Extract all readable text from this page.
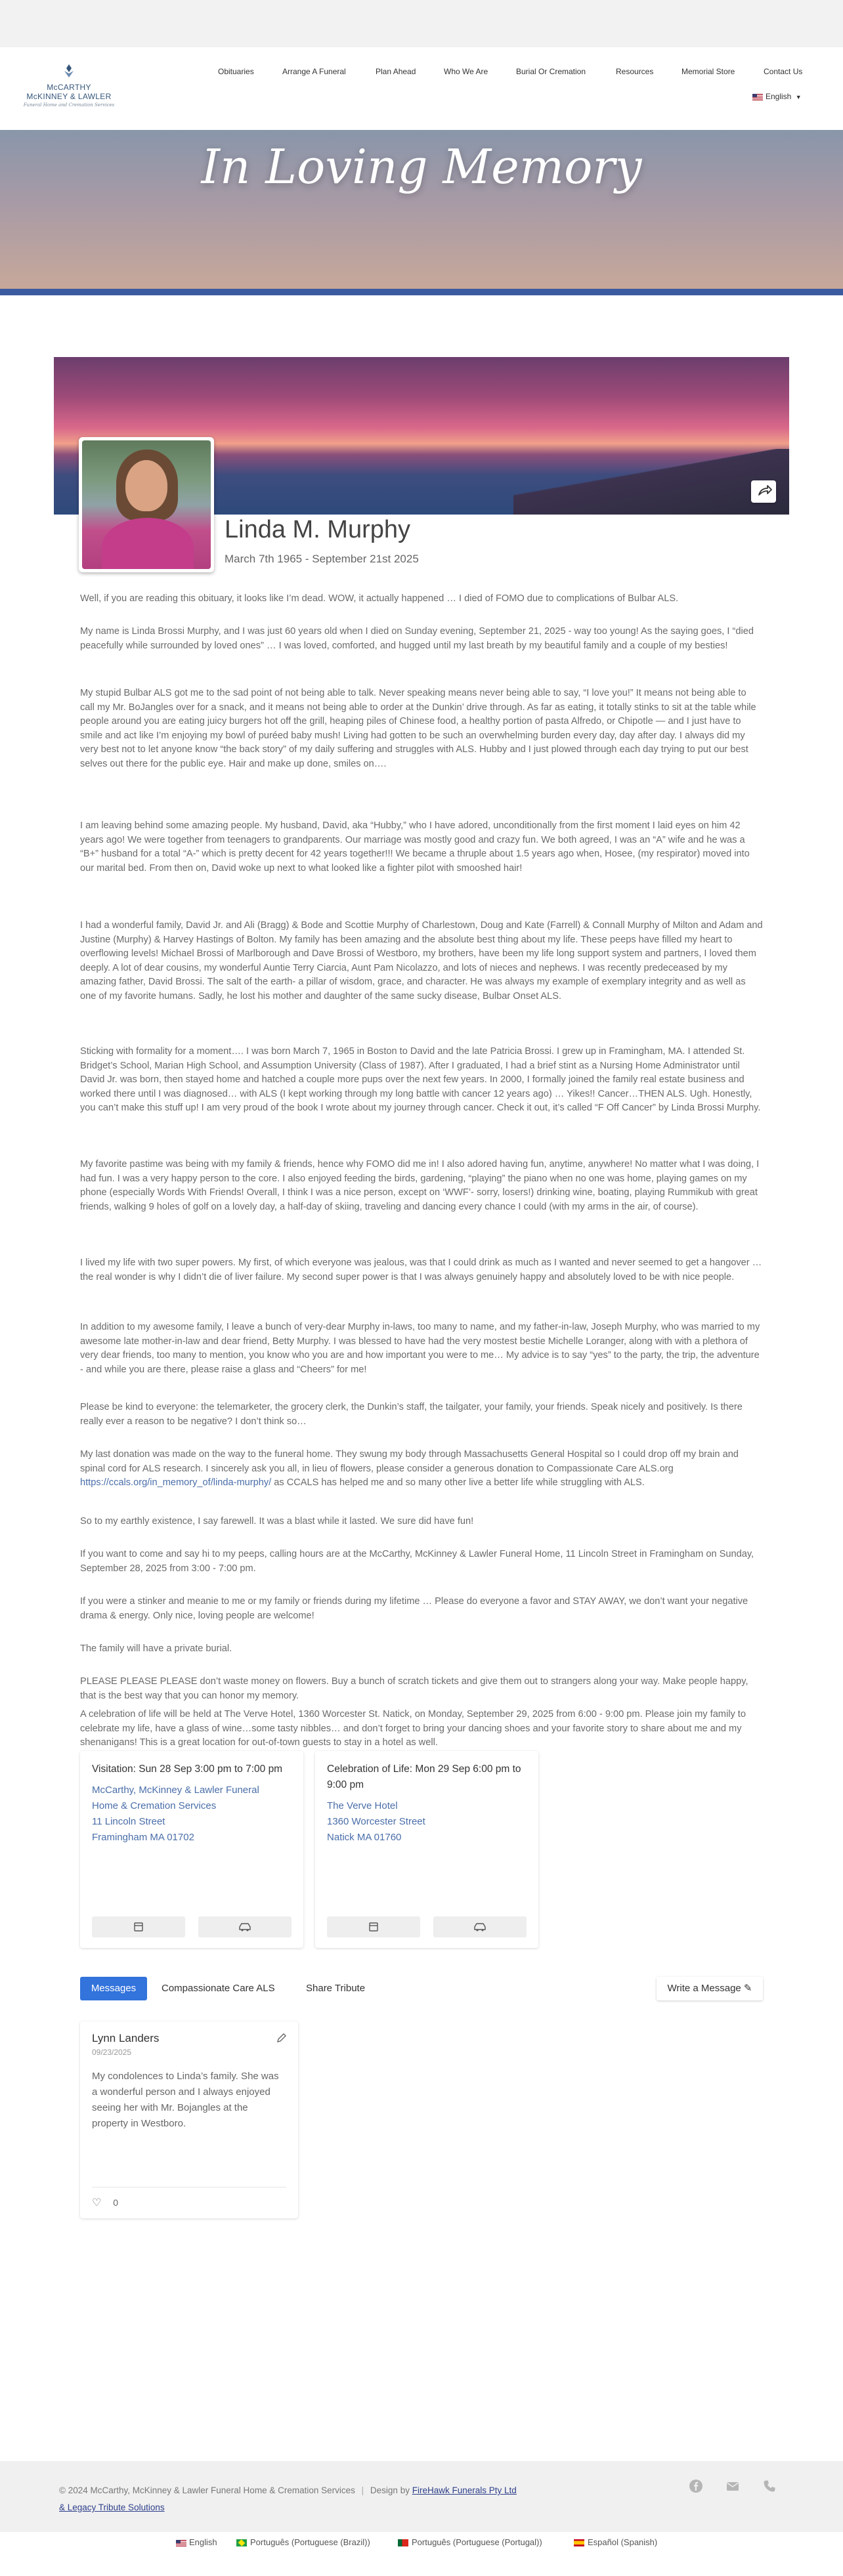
McCARTHY
McKINNEY & LAWLER
Funeral Home and Cremation Services
Obituaries	Arrange A Funeral	Plan Ahead	Who We Are	Burial Or Cremation	Resources	Memorial Store	Contact Us
English ▼
In Loving Memory
Linda M. Murphy
March 7th 1965 - September 21st 2025

Well, if you are reading this obituary, it looks like I’m dead. WOW, it actually happened … I died of FOMO due to complications of Bulbar ALS.

My name is Linda Brossi Murphy, and I was just 60 years old when I died on Sunday evening, September 21, 2025 - way too young! As the saying goes, I “died peacefully while surrounded by loved ones” … I was loved, comforted, and hugged until my last breath by my beautiful family and a couple of my besties!

My stupid Bulbar ALS got me to the sad point of not being able to talk. Never speaking means never being able to say, “I love you!” It means not being able to call my Mr. BoJangles over for a snack, and it means not being able to order at the Dunkin’ drive through. As far as eating, it totally stinks to sit at the table while people around you are eating juicy burgers hot off the grill, heaping piles of Chinese food, a healthy portion of pasta Alfredo, or Chipotle — and I just have to smile and act like I’m enjoying my bowl of puréed baby mush! Living had gotten to be such an overwhelming burden every day, day after day. I always did my very best not to let anyone know “the back story” of my daily suffering and struggles with ALS. Hubby and I just plowed through each day trying to put our best selves out there for the public eye. Hair and make up done, smiles on….

I am leaving behind some amazing people. My husband, David, aka “Hubby,” who I have adored, unconditionally from the first moment I laid eyes on him 42 years ago! We were together from teenagers to grandparents. Our marriage was mostly good and crazy fun. We both agreed, I was an “A” wife and he was a “B+” husband for a total “A-” which is pretty decent for 42 years together!!! We became a thruple about 1.5 years ago when, Hosee, (my respirator) moved into our marital bed. From then on, David woke up next to what looked like a fighter pilot with smooshed hair!

I had a wonderful family, David Jr. and Ali (Bragg) & Bode and Scottie Murphy of Charlestown, Doug and Kate (Farrell) & Connall Murphy of Milton and Adam and Justine (Murphy) & Harvey Hastings of Bolton. My family has been amazing and the absolute best thing about my life. These peeps have filled my heart to overflowing levels! Michael Brossi of Marlborough and Dave Brossi of Westboro, my brothers, have been my life long support system and partners, I loved them deeply. A lot of dear cousins, my wonderful Auntie Terry Ciarcia, Aunt Pam Nicolazzo, and lots of nieces and nephews. I was recently predeceased by my amazing father, David Brossi. The salt of the earth- a pillar of wisdom, grace, and character. He was always my example of exemplary integrity and as well as one of my favorite humans. Sadly, he lost his mother and daughter of the same sucky disease, Bulbar Onset ALS.

Sticking with formality for a moment…. I was born March 7, 1965 in Boston to David and the late Patricia Brossi. I grew up in Framingham, MA. I attended St. Bridget’s School, Marian High School, and Assumption University (Class of 1987). After I graduated, I had a brief stint as a Nursing Home Administrator until David Jr. was born, then stayed home and hatched a couple more pups over the next few years. In 2000, I formally joined the family real estate business and worked there until I was diagnosed… with ALS (I kept working through my long battle with cancer 12 years ago) … Yikes!! Cancer…THEN ALS. Ugh. Honestly, you can’t make this stuff up! I am very proud of the book I wrote about my journey through cancer. Check it out, it’s called “F Off Cancer” by Linda Brossi Murphy.

My favorite pastime was being with my family & friends, hence why FOMO did me in! I also adored having fun, anytime, anywhere! No matter what I was doing, I had fun. I was a very happy person to the core. I also enjoyed feeding the birds, gardening, “playing” the piano when no one was home, playing games on my phone (especially Words With Friends! Overall, I think I was a nice person, except on ‘WWF’- sorry, losers!) drinking wine, boating, playing Rummikub with great friends, walking 9 holes of golf on a lovely day, a half-day of skiing, traveling and dancing every chance I could (with my arms in the air, of course).

I lived my life with two super powers. My first, of which everyone was jealous, was that I could drink as much as I wanted and never seemed to get a hangover … the real wonder is why I didn’t die of liver failure. My second super power is that I was always genuinely happy and absolutely loved to be with nice people.

In addition to my awesome family, I leave a bunch of very-dear Murphy in-laws, too many to name, and my father-in-law, Joseph Murphy, who was married to my awesome late mother-in-law and dear friend, Betty Murphy. I was blessed to have had the very mostest bestie Michelle Loranger, along with with a plethora of very dear friends, too many to mention, you know who you are and how important you were to me… My advice is to say “yes” to the party, the trip, the adventure - and while you are there, please raise a glass and “Cheers” for me!

Please be kind to everyone: the telemarketer, the grocery clerk, the Dunkin’s staff, the tailgater, your family, your friends. Speak nicely and positively. Is there really ever a reason to be negative? I don’t think so…

My last donation was made on the way to the funeral home. They swung my body through Massachusetts General Hospital so I could drop off my brain and spinal cord for ALS research. I sincerely ask you all, in lieu of flowers, please consider a generous donation to Compassionate Care ALS.org https://ccals.org/in_memory_of/linda-murphy/ as CCALS has helped me and so many other live a better life while struggling with ALS.

So to my earthly existence, I say farewell. It was a blast while it lasted. We sure did have fun!

If you want to come and say hi to my peeps, calling hours are at the McCarthy, McKinney & Lawler Funeral Home, 11 Lincoln Street in Framingham on Sunday, September 28, 2025 from 3:00 - 7:00 pm.

If you were a stinker and meanie to me or my family or friends during my lifetime … Please do everyone a favor and STAY AWAY, we don’t want your negative drama & energy. Only nice, loving people are welcome!

The family will have a private burial.

PLEASE PLEASE PLEASE don’t waste money on flowers. Buy a bunch of scratch tickets and give them out to strangers along your way. Make people happy, that is the best way that you can honor my memory.

A celebration of life will be held at The Verve Hotel, 1360 Worcester St. Natick, on Monday, September 29, 2025 from 6:00 - 9:00 pm. Please join my family to celebrate my life, have a glass of wine…some tasty nibbles… and don’t forget to bring your dancing shoes and your favorite story to share about me and my shenanigans! This is a great location for out-of-town guests to stay in a hotel as well.

Visitation: Sun 28 Sep 3:00 pm to 7:00 pm
McCarthy, McKinney & Lawler Funeral
Home & Cremation Services
11 Lincoln Street
Framingham MA 01702
Celebration of Life: Mon 29 Sep 6:00 pm to 9:00 pm
The Verve Hotel
1360 Worcester Street
Natick MA 01760
Messages	Compassionate Care ALS	Share Tribute	Write a Message ✎
Lynn Landers
09/23/2025
My condolences to Linda’s family. She was a wonderful person and I always enjoyed seeing her with Mr. Bojangles at the property in Westboro.
♡ 0
© 2024 McCarthy, McKinney & Lawler Funeral Home & Cremation Services | Design by FireHawk Funerals Pty Ltd & Legacy Tribute Solutions
English	Português (Portuguese (Brazil))	Português (Portuguese (Portugal))	Español (Spanish)
